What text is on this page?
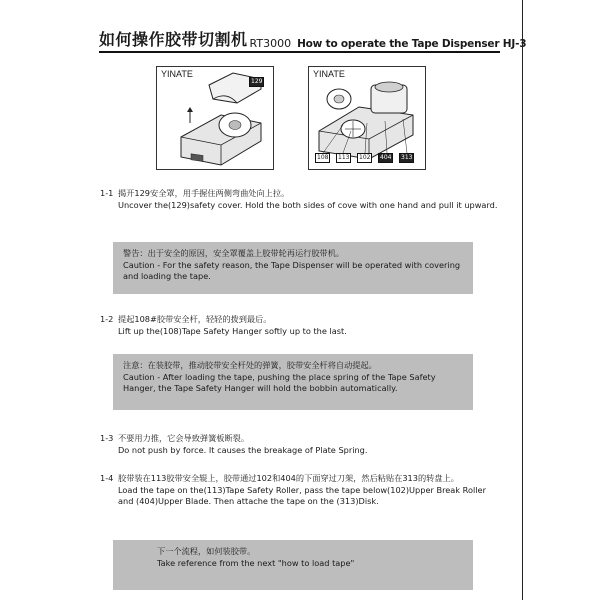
如何操作胶带切割机 RT3000 How to operate the Tape Dispenser HJ-3
YINATE
129
YINATE
108	113	102	404	313
1-1 揭开129安全罩，用手握住两侧弯曲处向上拉。
Uncover the(129)safety cover. Hold the both sides of cove with one hand and pull it upward.
警告：出于安全的原因，安全罩覆盖上胶带轮再运行胶带机。
Caution - For the safety reason, the Tape Dispenser will be operated with covering and loading the tape.
1-2 提起108#胶带安全杆，轻轻的拨到最后。
Lift up the(108)Tape Safety Hanger softly up to the last.
注意：在装胶带，推动胶带安全杆处的弹簧，胶带安全杆将自动提起。
Caution - After loading the tape, pushing the place spring of the Tape Safety Hanger, the Tape Safety Hanger will hold the bobbin automatically.
1-3 不要用力推，它会导致弹簧板断裂。
Do not push by force. It causes the breakage of Plate Spring.
1-4 胶带装在113胶带安全辊上，胶带通过102和404的下面穿过刀架，然后粘贴在313的转盘上。
Load the tape on the(113)Tape Safety Roller, pass the tape below(102)Upper Break Roller and (404)Upper Blade. Then attache the tape on the (313)Disk.
下一个流程，如何装胶带。
Take reference from the next "how to load tape"
